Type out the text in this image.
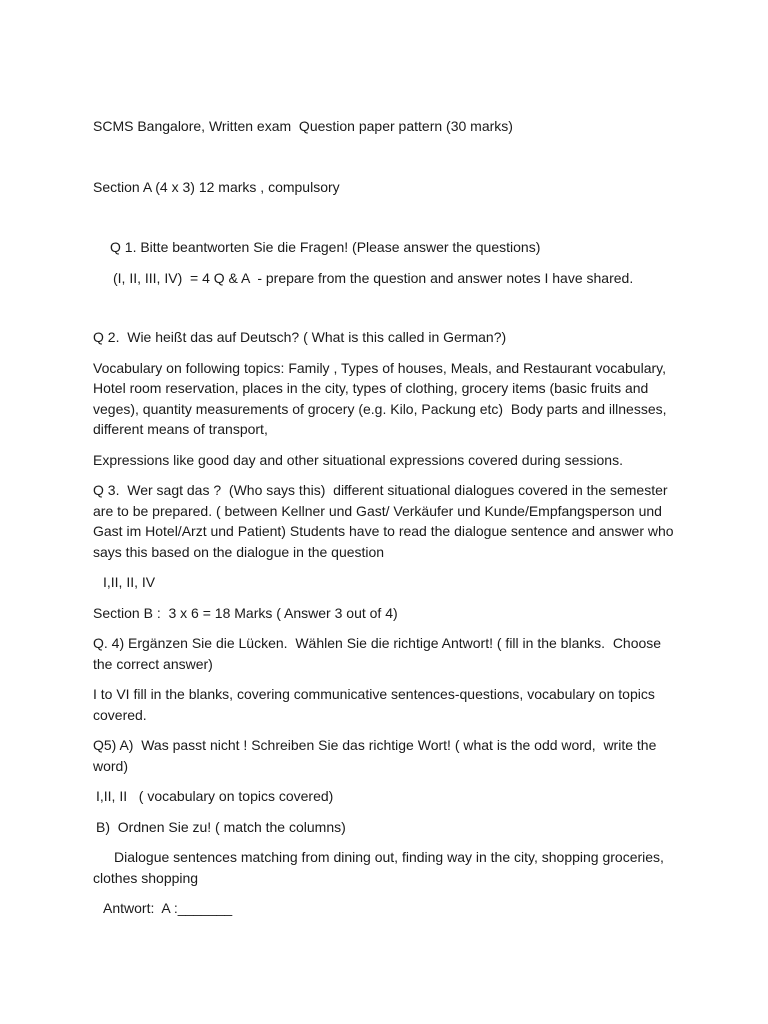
SCMS Bangalore, Written exam  Question paper pattern (30 marks)

Section A (4 x 3) 12 marks , compulsory

Q 1. Bitte beantworten Sie die Fragen! (Please answer the questions)

(I, II, III, IV)  = 4 Q & A  - prepare from the question and answer notes I have shared.

Q 2.  Wie heißt das auf Deutsch? ( What is this called in German?)

Vocabulary on following topics: Family , Types of houses, Meals, and Restaurant vocabulary, Hotel room reservation, places in the city, types of clothing, grocery items (basic fruits and veges), quantity measurements of grocery (e.g. Kilo, Packung etc)  Body parts and illnesses, different means of transport,

Expressions like good day and other situational expressions covered during sessions.

Q 3.  Wer sagt das ?  (Who says this)  different situational dialogues covered in the semester are to be prepared. ( between Kellner und Gast/ Verkäufer und Kunde/Empfangsperson und Gast im Hotel/Arzt und Patient) Students have to read the dialogue sentence and answer who says this based on the dialogue in the question

I,II, II, IV

Section B :  3 x 6 = 18 Marks ( Answer 3 out of 4)

Q. 4) Ergänzen Sie die Lücken.  Wählen Sie die richtige Antwort! ( fill in the blanks.  Choose the correct answer)

I to VI fill in the blanks, covering communicative sentences-questions, vocabulary on topics covered.

Q5) A)  Was passt nicht ! Schreiben Sie das richtige Wort! ( what is the odd word,  write the word)

I,II, II   ( vocabulary on topics covered)

B)  Ordnen Sie zu! ( match the columns)

Dialogue sentences matching from dining out, finding way in the city, shopping groceries, clothes shopping

Antwort:  A :_______
